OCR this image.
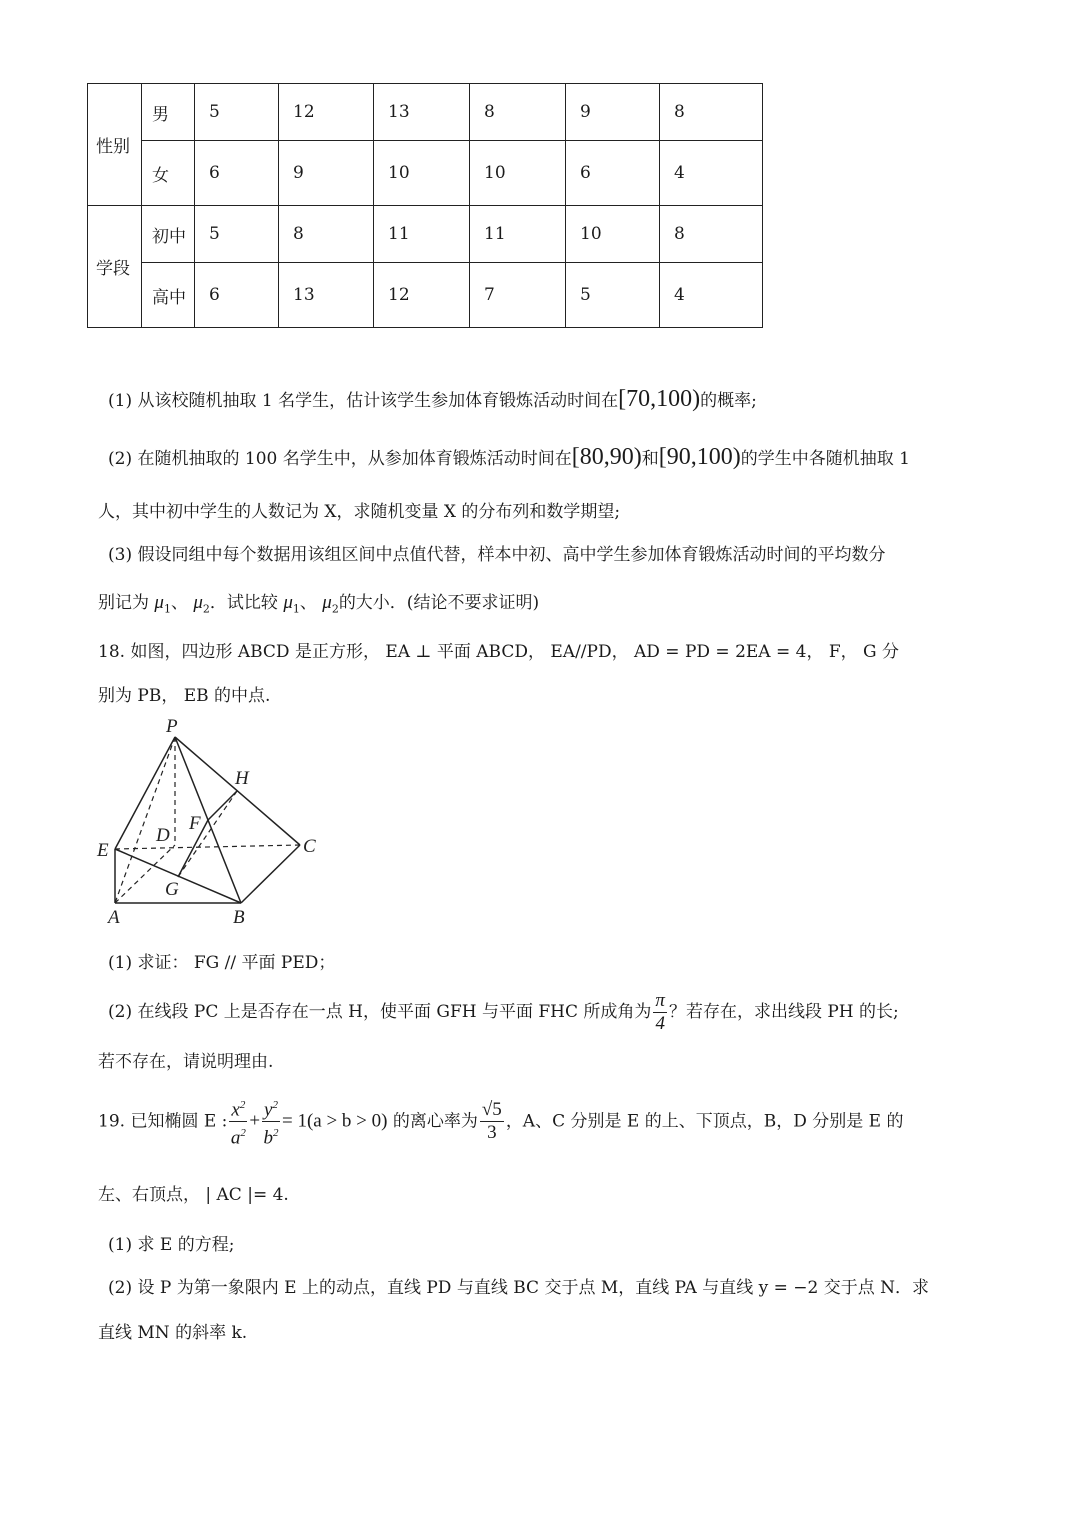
性别	男	5	12	13	8	9	8
	女	6	9	10	10	6	4
学段	初中	5	8	11	11	10	8
	高中	6	13	12	7	5	4
(1) 从该校随机抽取 1 名学生，估计该学生参加体育锻炼活动时间在[70,100)的概率;
(2) 在随机抽取的 100 名学生中，从参加体育锻炼活动时间在[80,90)和[90,100)的学生中各随机抽取 1
人，其中初中学生的人数记为 X，求随机变量 X 的分布列和数学期望;
(3) 假设同组中每个数据用该组区间中点值代替，样本中初、高中学生参加体育锻炼活动时间的平均数分
别记为 $\mu_1$、 $\mu_2$．试比较 $\mu_1$、 $\mu_2$的大小．(结论不要求证明)
18. 如图，四边形 ABCD 是正方形， EA ⊥ 平面 ABCD， EA//PD， AD = PD = 2EA = 4， F， G 分
别为 PB， EB 的中点.
P
H
F
D
E	C
G
A	B
(1) 求证： FG // 平面 PED；
(2) 在线段 PC 上是否存在一点 H，使平面 GFH 与平面 FHC 所成角为 $\frac{\pi}{4}$ ？若存在，求出线段 PH 的长;
若不存在，请说明理由.
19. 已知椭圆 E : $\frac{x^2}{a^2} + \frac{y^2}{b^2} = 1(a > b > 0)$ 的离心率为 $\frac{√5}{3}$ ，A、C 分别是 E 的上、下顶点，B，D 分别是 E 的
左、右顶点， | AC |= 4.
(1) 求 E 的方程;
(2) 设 P 为第一象限内 E 上的动点，直线 PD 与直线 BC 交于点 M，直线 PA 与直线 y = −2 交于点 N．求
直线 MN 的斜率 k.
